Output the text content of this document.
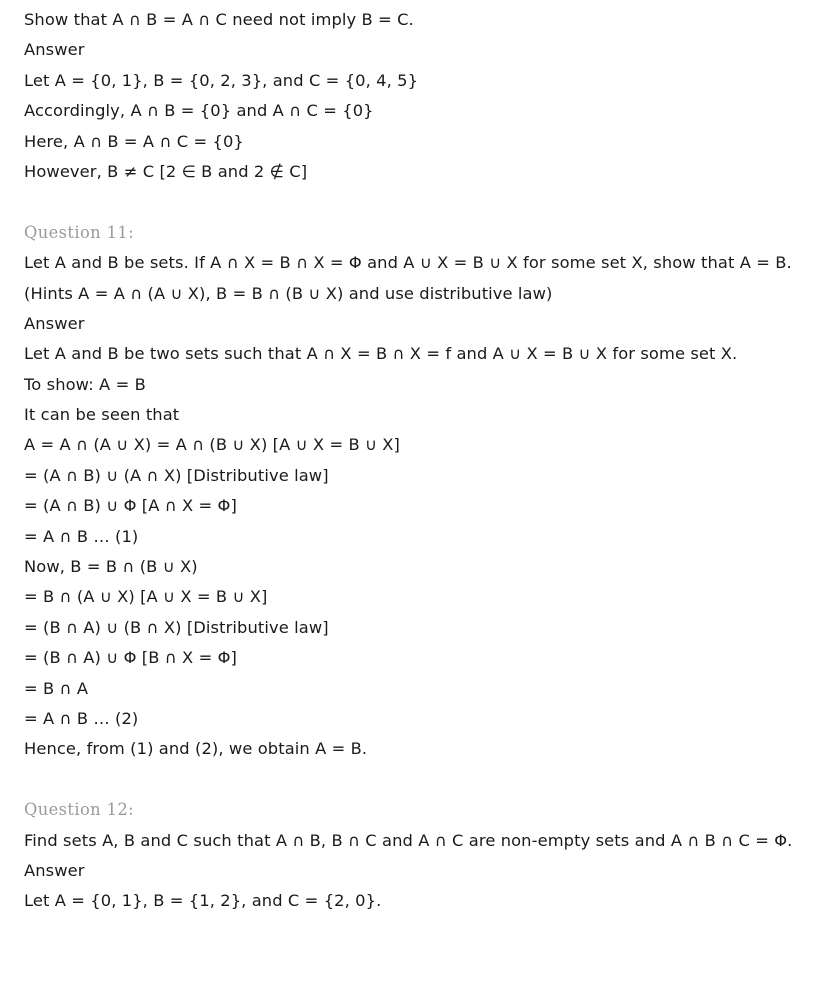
Show that A ∩ B = A ∩ C need not imply B = C.
Answer
Let A = {0, 1}, B = {0, 2, 3}, and C = {0, 4, 5}
Accordingly, A ∩ B = {0} and A ∩ C = {0}
Here, A ∩ B = A ∩ C = {0}
However, B ≠ C [2 ∈ B and 2 ∉ C]
Question 11:
Let A and B be sets. If A ∩ X = B ∩ X = Φ and A ∪ X = B ∪ X for some set X, show that A = B.
(Hints A = A ∩ (A ∪ X), B = B ∩ (B ∪ X) and use distributive law)
Answer
Let A and B be two sets such that A ∩ X = B ∩ X = f and A ∪ X = B ∪ X for some set X.
To show: A = B
It can be seen that
A = A ∩ (A ∪ X) = A ∩ (B ∪ X) [A ∪ X = B ∪ X]
= (A ∩ B) ∪ (A ∩ X) [Distributive law]
= (A ∩ B) ∪ Φ [A ∩ X = Φ]
= A ∩ B … (1)
Now, B = B ∩ (B ∪ X)
= B ∩ (A ∪ X) [A ∪ X = B ∪ X]
= (B ∩ A) ∪ (B ∩ X) [Distributive law]
= (B ∩ A) ∪ Φ [B ∩ X = Φ]
= B ∩ A
= A ∩ B … (2)
Hence, from (1) and (2), we obtain A = B.
Question 12:
Find sets A, B and C such that A ∩ B, B ∩ C and A ∩ C are non-empty sets and A ∩ B ∩ C = Φ.
Answer
Let A = {0, 1}, B = {1, 2}, and C = {2, 0}.
